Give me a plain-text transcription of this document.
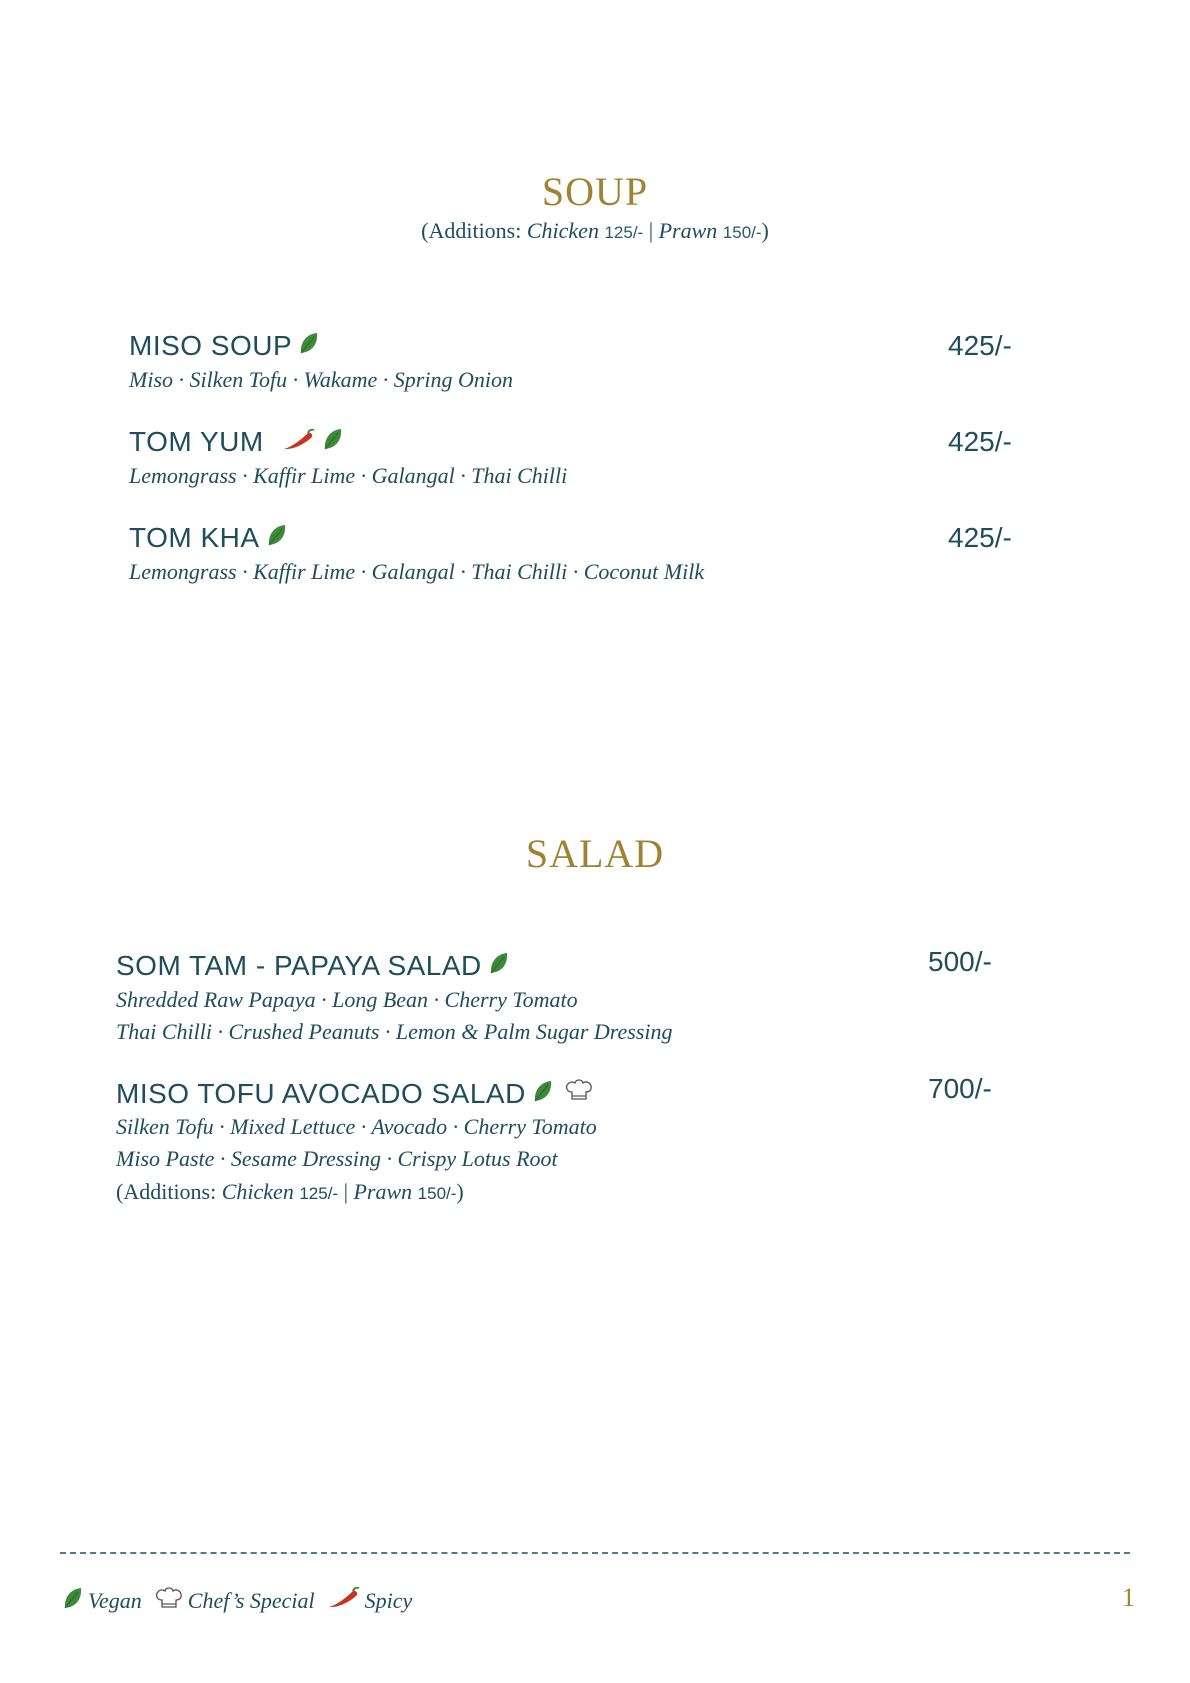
SOUP
(Additions: Chicken 125/- | Prawn 150/-)
MISO SOUP	425/-
Miso · Silken Tofu · Wakame · Spring Onion
TOM YUM	425/-
Lemongrass · Kaffir Lime · Galangal · Thai Chilli
TOM KHA	425/-
Lemongrass · Kaffir Lime · Galangal · Thai Chilli · Coconut Milk
SALAD
SOM TAM - PAPAYA SALAD	500/-
Shredded Raw Papaya · Long Bean · Cherry Tomato
Thai Chilli · Crushed Peanuts · Lemon & Palm Sugar Dressing
MISO TOFU AVOCADO SALAD	700/-
Silken Tofu · Mixed Lettuce · Avocado · Cherry Tomato
Miso Paste · Sesame Dressing · Crispy Lotus Root
(Additions: Chicken 125/- | Prawn 150/-)
Vegan Chef’s Special Spicy	1
